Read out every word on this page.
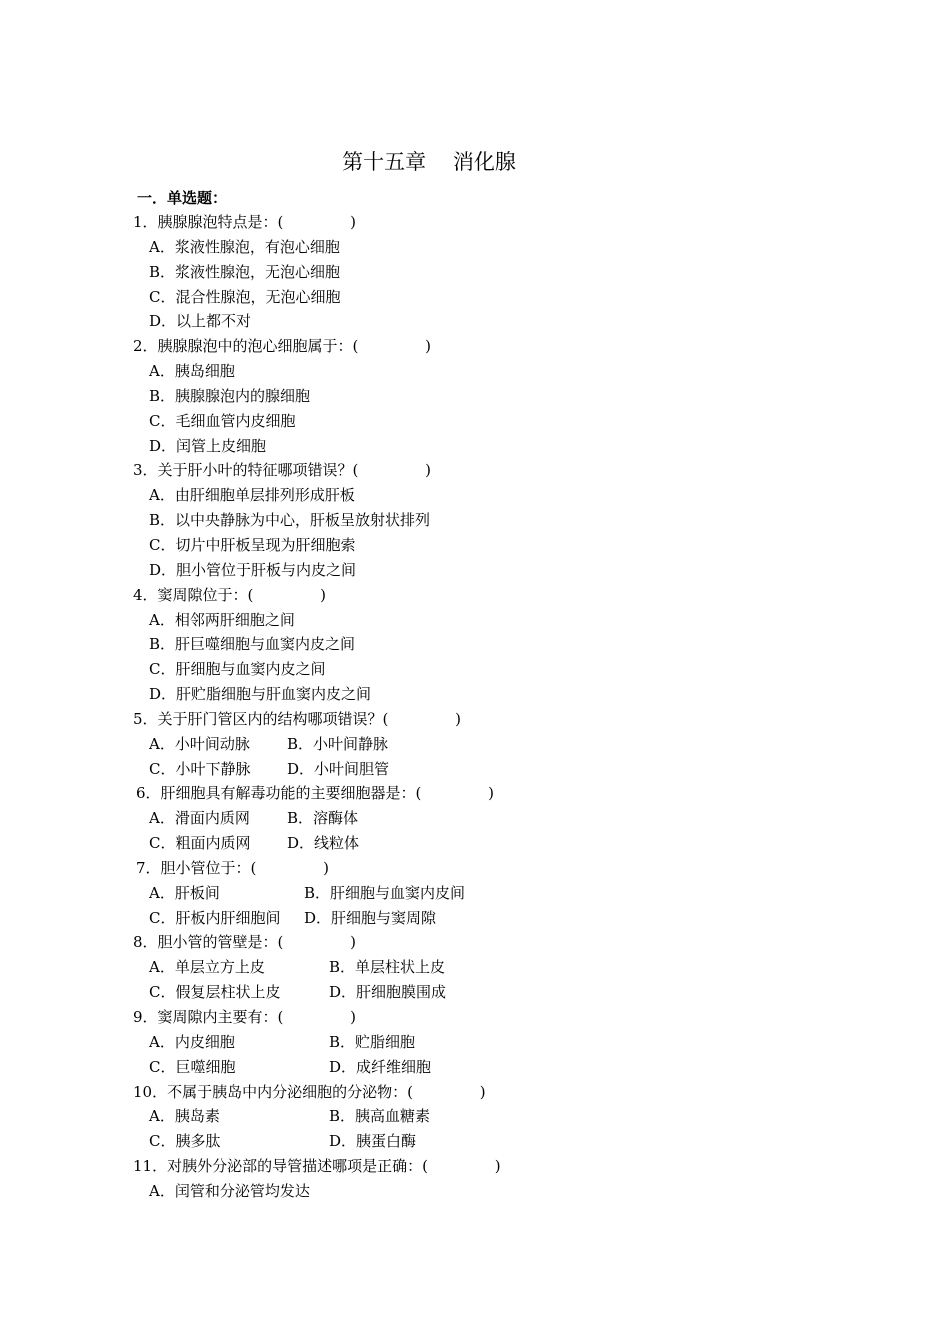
第十五章    消化腺
一．单选题：
1．胰腺腺泡特点是：(              )
A．浆液性腺泡，有泡心细胞
B．浆液性腺泡，无泡心细胞
C．混合性腺泡，无泡心细胞
D．以上都不对
2．胰腺腺泡中的泡心细胞属于：(              )
A．胰岛细胞
B．胰腺腺泡内的腺细胞
C．毛细血管内皮细胞
D．闰管上皮细胞
3．关于肝小叶的特征哪项错误？(              )
A．由肝细胞单层排列形成肝板
B．以中央静脉为中心，肝板呈放射状排列
C．切片中肝板呈现为肝细胞索
D．胆小管位于肝板与内皮之间
4．窦周隙位于：(              )
A．相邻两肝细胞之间
B．肝巨噬细胞与血窦内皮之间
C．肝细胞与血窦内皮之间
D．肝贮脂细胞与肝血窦内皮之间
5．关于肝门管区内的结构哪项错误？(              )
A．小叶间动脉 B．小叶间静脉
C．小叶下静脉 D．小叶间胆管
6．肝细胞具有解毒功能的主要细胞器是：(              )
A．滑面内质网 B．溶酶体
C．粗面内质网 D．线粒体
7．胆小管位于：(              )
A．肝板间	B．肝细胞与血窦内皮间
C．肝板内肝细胞间 D．肝细胞与窦周隙
8．胆小管的管壁是：(              )
A．单层立方上皮	B．单层柱状上皮
C．假复层柱状上皮	D．肝细胞膜围成
9．窦周隙内主要有：(              )
A．内皮细胞	B．贮脂细胞
C．巨噬细胞	D．成纤维细胞
10．不属于胰岛中内分泌细胞的分泌物：(              )
A．胰岛素	B．胰高血糖素
C．胰多肽	D．胰蛋白酶
11．对胰外分泌部的导管描述哪项是正确：(              )
A．闰管和分泌管均发达
